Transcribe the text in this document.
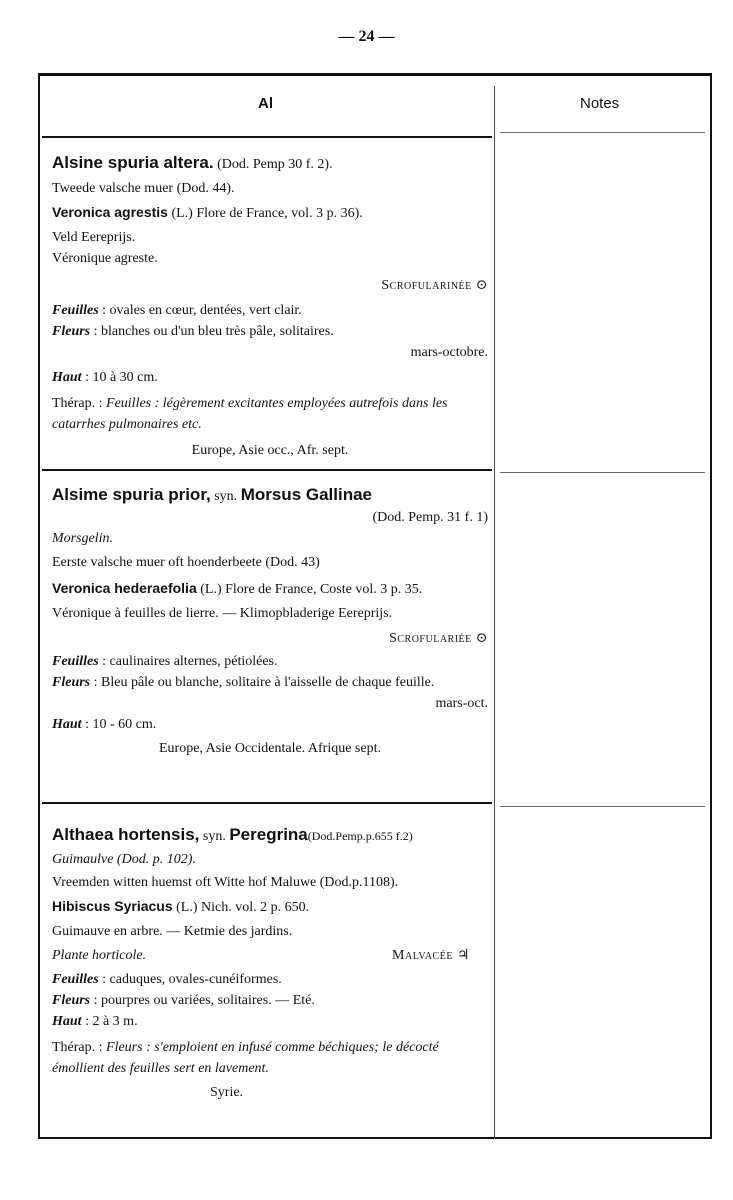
— 24 —
Al	Notes
Alsine spuria altera. (Dod. Pemp 30 f. 2).
Tweede valsche muer (Dod. 44).
Veronica agrestis (L.) Flore de France, vol. 3 p. 36).
Veld Eereprijs.
Véronique agreste.
Scrofularinée ⊙
Feuilles : ovales en cœur, dentées, vert clair.
Fleurs : blanches ou d'un bleu très pâle, solitaires.
mars-octobre.
Haut : 10 à 30 cm.
Thérap. : Feuilles : légèrement excitantes employées autrefois dans les catarrhes pulmonaires etc.
Europe, Asie occ., Afr. sept.
Alsime spuria prior, syn. Morsus Gallinae
(Dod. Pemp. 31 f. 1)
Morsgelin.
Eerste valsche muer oft hoenderbeete (Dod. 43)
Veronica hederaefolia (L.) Flore de France, Coste vol. 3 p. 35.
Véronique à feuilles de lierre. — Klimopbladerige Eereprijs.
Scrofulariée ⊙
Feuilles : caulinaires alternes, pétiolées.
Fleurs : Bleu pâle ou blanche, solitaire à l'aisselle de chaque feuille.
mars-oct.
Haut : 10 - 60 cm.
Europe, Asie Occidentale. Afrique sept.
Althaea hortensis, syn. Peregrina(Dod.Pemp.p.655 f.2)
Guimaulve (Dod. p. 102).
Vreemden witten huemst oft Witte hof Maluwe (Dod.p.1108).
Hibiscus Syriacus (L.) Nich. vol. 2 p. 650.
Guimauve en arbre. — Ketmie des jardins.
Plante horticole.	Malvacée ♃
Feuilles : caduques, ovales-cunéiformes.
Fleurs : pourpres ou variées, solitaires. — Eté.
Haut : 2 à 3 m.
Thérap. : Fleurs : s'emploient en infusé comme béchiques; le décocté émollient des feuilles sert en lavement.
Syrie.
